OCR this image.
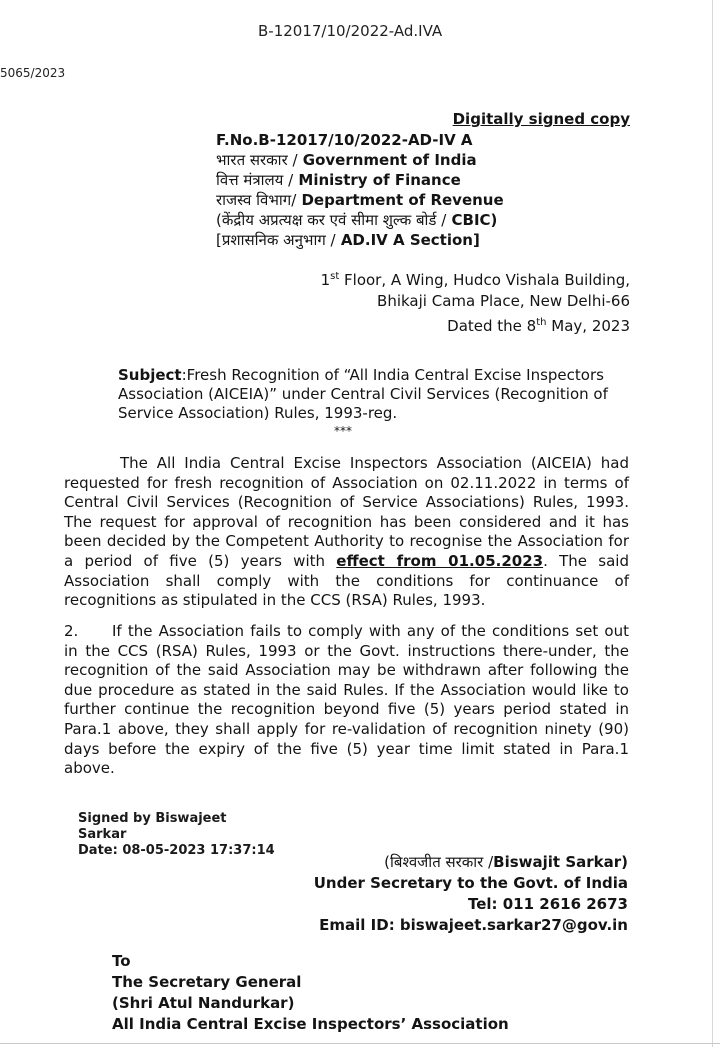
B-12017/10/2022-Ad.IVA
5065/2023
Digitally signed copy
F.No.B-12017/10/2022-AD-IV A
भारत सरकार / Government of India
वित्त मंत्रालय / Ministry of Finance
राजस्व विभाग/ Department of Revenue
(केंद्रीय अप्रत्यक्ष कर एवं सीमा शुल्क बोर्ड / CBIC)
[प्रशासनिक अनुभाग / AD.IV A Section]
1st Floor, A Wing, Hudco Vishala Building,
Bhikaji Cama Place, New Delhi-66
Dated the 8th May, 2023
Subject:Fresh Recognition of “All India Central Excise Inspectors Association (AICEIA)” under Central Civil Services (Recognition of Service Association) Rules, 1993-reg.
***
The All India Central Excise Inspectors Association (AICEIA) had requested for fresh recognition of Association on 02.11.2022 in terms of Central Civil Services (Recognition of Service Associations) Rules, 1993. The request for approval of recognition has been considered and it has been decided by the Competent Authority to recognise the Association for a period of five (5) years with effect from 01.05.2023. The said Association shall comply with the conditions for continuance of recognitions as stipulated in the CCS (RSA) Rules, 1993.
2. If the Association fails to comply with any of the conditions set out in the CCS (RSA) Rules, 1993 or the Govt. instructions there-under, the recognition of the said Association may be withdrawn after following the due procedure as stated in the said Rules. If the Association would like to further continue the recognition beyond five (5) years period stated in Para.1 above, they shall apply for re-validation of recognition ninety (90) days before the expiry of the five (5) year time limit stated in Para.1 above.
Signed by Biswajeet
Sarkar
Date: 08-05-2023 17:37:14
(बिश्वजीत सरकार /Biswajit Sarkar)
Under Secretary to the Govt. of India
Tel: 011 2616 2673
Email ID: biswajeet.sarkar27@gov.in
To
The Secretary General
(Shri Atul Nandurkar)
All India Central Excise Inspectors’ Association
